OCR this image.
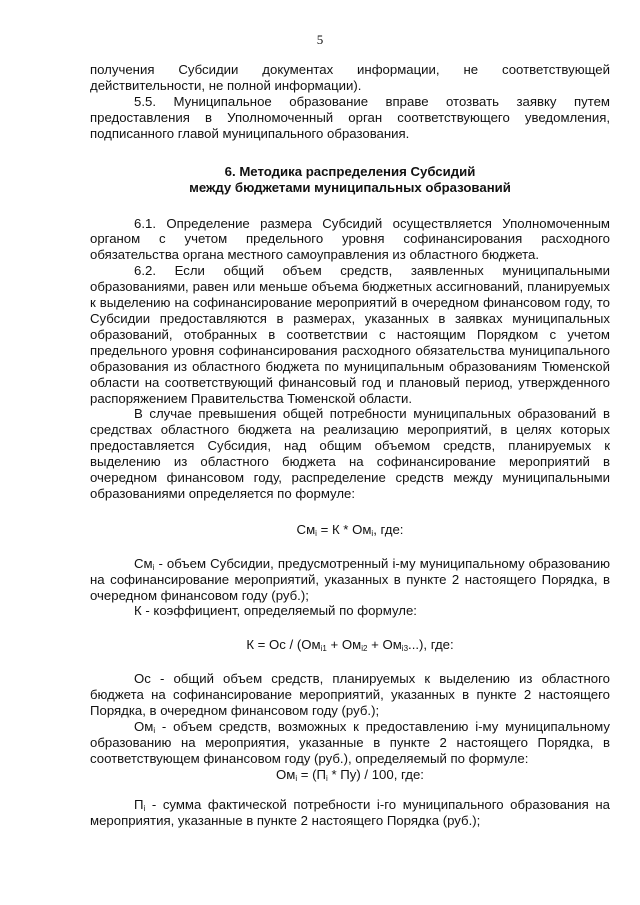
5

получения Субсидии документах информации, не соответствующей действительности, не полной информации).

5.5. Муниципальное образование вправе отозвать заявку путем предоставления в Уполномоченный орган соответствующего уведомления, подписанного главой муниципального образования.

6. Методика распределения Субсидий
между бюджетами муниципальных образований

6.1. Определение размера Субсидий осуществляется Уполномоченным органом с учетом предельного уровня софинансирования расходного обязательства органа местного самоуправления из областного бюджета.

6.2. Если общий объем средств, заявленных муниципальными образованиями, равен или меньше объема бюджетных ассигнований, планируемых к выделению на софинансирование мероприятий в очередном финансовом году, то Субсидии предоставляются в размерах, указанных в заявках муниципальных образований, отобранных в соответствии с настоящим Порядком с учетом предельного уровня софинансирования расходного обязательства муниципального образования из областного бюджета по муниципальным образованиям Тюменской области на соответствующий финансовый год и плановый период, утвержденного распоряжением Правительства Тюменской области.

В случае превышения общей потребности муниципальных образований в средствах областного бюджета на реализацию мероприятий, в целях которых предоставляется Субсидия, над общим объемом средств, планируемых к выделению из областного бюджета на софинансирование мероприятий в очередном финансовом году, распределение средств между муниципальными образованиями определяется по формуле:

$См_i = К * Ом_i$, где:

$См_i$ - объем Субсидии, предусмотренный i-му муниципальному образованию на софинансирование мероприятий, указанных в пункте 2 настоящего Порядка, в очередном финансовом году (руб.);

К - коэффициент, определяемый по формуле:

К = Ос / $(Ом_{i1} + Ом_{i2} + Ом_{i3}...)$, где:

Ос - общий объем средств, планируемых к выделению из областного бюджета на софинансирование мероприятий, указанных в пункте 2 настоящего Порядка, в очередном финансовом году (руб.);

$Ом_i$ - объем средств, возможных к предоставлению i-му муниципальному образованию на мероприятия, указанные в пункте 2 настоящего Порядка, в соответствующем финансовом году (руб.), определяемый по формуле:

$Ом_i = (П_i * Пу) / 100$, где:

$П_i$ - сумма фактической потребности i-го муниципального образования на мероприятия, указанные в пункте 2 настоящего Порядка (руб.);
